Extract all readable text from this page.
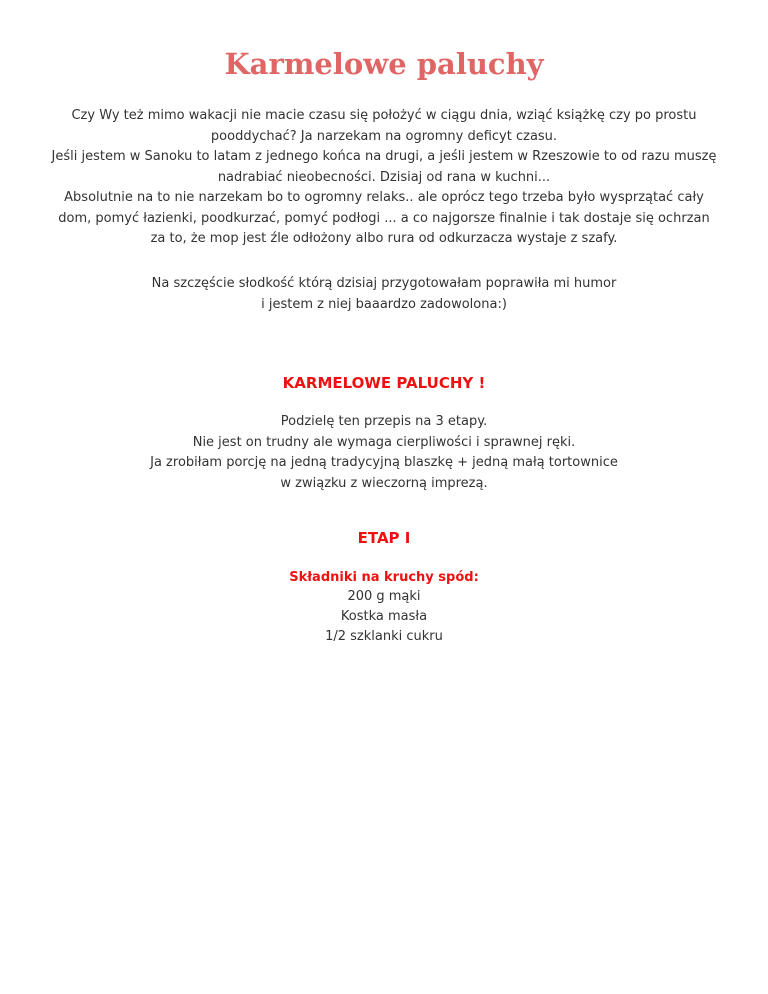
Karmelowe paluchy

Czy Wy też mimo wakacji nie macie czasu się położyć w ciągu dnia, wziąć książkę czy po prostu
pooddychać? Ja narzekam na ogromny deficyt czasu.
Jeśli jestem w Sanoku to latam z jednego końca na drugi, a jeśli jestem w Rzeszowie to od razu muszę
nadrabiać nieobecności. Dzisiaj od rana w kuchni...
Absolutnie na to nie narzekam bo to ogromny relaks.. ale oprócz tego trzeba było wysprzątać cały
dom, pomyć łazienki, poodkurzać, pomyć podłogi ... a co najgorsze finalnie i tak dostaje się ochrzan
za to, że mop jest źle odłożony albo rura od odkurzacza wystaje z szafy.

Na szczęście słodkość którą dzisiaj przygotowałam poprawiła mi humor
i jestem z niej baaardzo zadowolona:)

KARMELOWE PALUCHY !

Podzielę ten przepis na 3 etapy.
Nie jest on trudny ale wymaga cierpliwości i sprawnej ręki.
Ja zrobiłam porcję na jedną tradycyjną blaszkę + jedną małą tortownice
w związku z wieczorną imprezą.

ETAP I

Składniki na kruchy spód:

200 g mąki
Kostka masła
1/2 szklanki cukru
